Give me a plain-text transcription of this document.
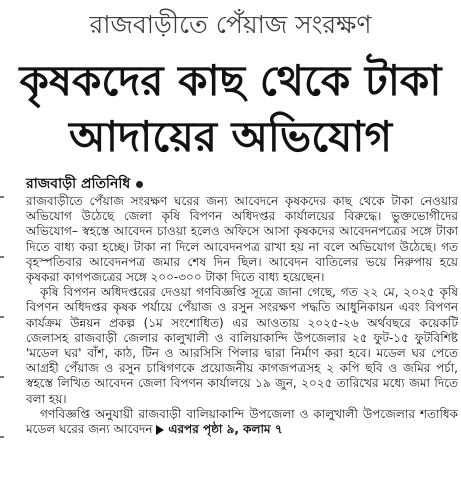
রাজবাড়ীতে পেঁয়াজ সংরক্ষণ
কৃষকদের কাছ থেকে টাকা
আদায়ের অভিযোগ
রাজবাড়ী প্রতিনিধি

রাজবাড়ীতে পেঁয়াজ সংরক্ষণ ঘরের জন্য আবেদনে কৃষকদের কাছ থেকে টাকা নেওয়ার অভিযোগ উঠেছে জেলা কৃষি বিপণন অধিদপ্তর কার্যালয়ের বিরুদ্ধে। ভুক্তভোগীদের অভিযোগ– স্বহস্তে আবেদন চাওয়া হলেও অফিসে আসা কৃষকদের আবেদনপত্রের সঙ্গে টাকা দিতে বাধ্য করা হচ্ছে। টাকা না দিলে আবেদনপত্র রাখা হয় না বলে অভিযোগ উঠেছে। গত বৃহস্পতিবার আবেদনপত্র জমার শেষ দিন ছিল। আবেদন বাতিলের ভয়ে নিরুপায় হয়ে কৃষকরা কাগপজত্রের সঙ্গে ২০০-৩০০ টাকা দিতে বাধ্য হয়েছেন।

কৃষি বিপণন অধিদপ্তরের দেওয়া গণবিজ্ঞপ্তি সূত্রে জানা গেছে, গত ২২ মে, ২০২৫ কৃষি বিপণন অধিদপ্তর কৃষক পর্যায়ে পেঁয়াজ ও রসুন সংরক্ষণ পদ্ধতি আধুনিকায়ন এবং বিপণন কার্যক্রম উন্নয়ন প্রকল্প (১ম সংশোধিত) এর আওতায় ২০২৫-২৬ অর্থবছরে কয়েকটি জেলাসহ রাজবাড়ী জেলার কালুখালী ও বালিয়াকান্দি উপজেলার ২৫ ফুট-১৫ ফুটবিশিষ্ট 'মডেল ঘর' বাঁশ, কাঠ, টিন ও আরসিসি পিলার দ্বারা নির্মাণ করা হবে। মডেল ঘর পেতে আগ্রহী পেঁয়াজ ও রসুন চাষিগণকে প্রয়োজনীয় কাগজপত্রসহ ২ কপি ছবি ও জমির পর্চা, স্বহস্তে লিখিত আবেদন জেলা বিপণন কার্যালয়ে ১৯ জুন, ২০২৫ তারিখের মধ্যে জমা দিতে বলা হয়।

গণবিজ্ঞপ্তি অনুযায়ী রাজবাড়ী বালিয়াকান্দি উপজেলা ও কালুখালী উপজেলার শতাধিক মডেল ঘরের জন্য আবেদন এরপর পৃষ্ঠা ৯, কলাম ৭
